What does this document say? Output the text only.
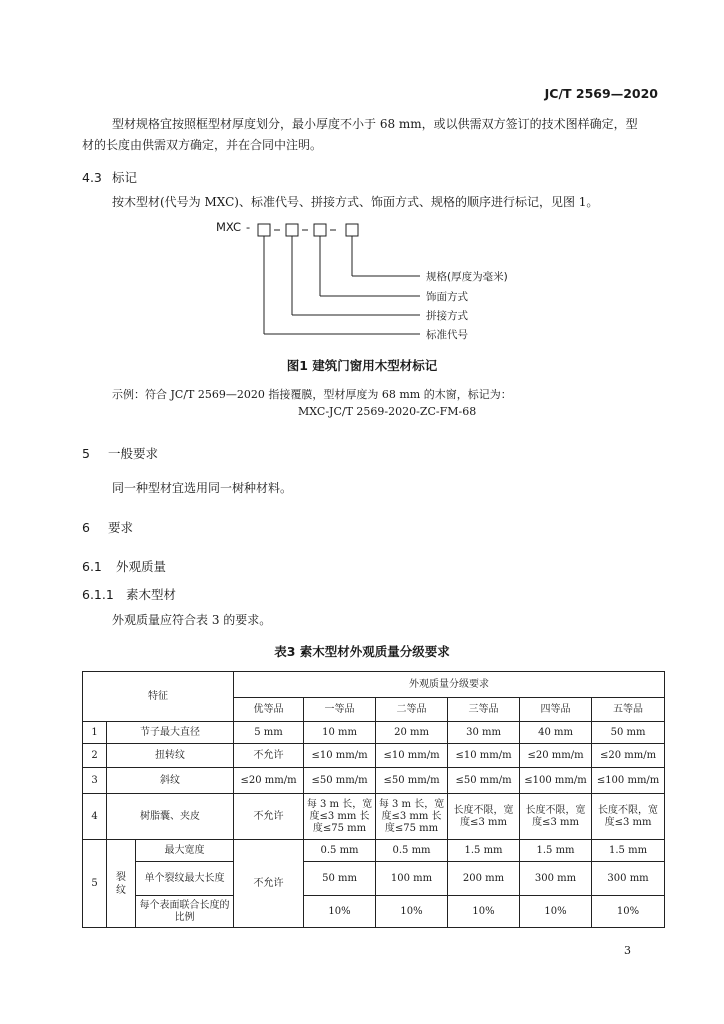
JC/T 2569—2020
型材规格宜按照框型材厚度划分，最小厚度不小于 68 mm，或以供需双方签订的技术图样确定，型
材的长度由供需双方确定，并在合同中注明。
4.3 标记
按木型材(代号为 MXC)、标准代号、拼接方式、饰面方式、规格的顺序进行标记，见图 1。
MXC -
规格(厚度为毫米)
饰面方式
拼接方式
标准代号
图1 建筑门窗用木型材标记
示例：符合 JC/T 2569—2020 指接覆膜，型材厚度为 68 mm 的木窗，标记为：
MXC-JC/T 2569-2020-ZC-FM-68
5 一般要求
同一种型材宜选用同一树种材料。
6 要求
6.1 外观质量
6.1.1 素木型材
外观质量应符合表 3 的要求。
表3 素木型材外观质量分级要求
特征			外观质量分级要求					
			优等品	一等品	二等品	三等品	四等品	五等品
1	节子最大直径		5 mm	10 mm	20 mm	30 mm	40 mm	50 mm
2	扭转纹		不允许	≤10 mm/m	≤10 mm/m	≤10 mm/m	≤20 mm/m	≤20 mm/m
3	斜纹		≤20 mm/m	≤50 mm/m	≤50 mm/m	≤50 mm/m	≤100 mm/m	≤100 mm/m
4	树脂囊、夹皮		不允许	每 3 m 长，宽度≤3 mm 长度≤75 mm	每 3 m 长，宽度≤3 mm 长度≤75 mm	长度不限，宽度≤3 mm	长度不限，宽度≤3 mm	长度不限，宽度≤3 mm
5	裂纹	最大宽度	不允许	0.5 mm	0.5 mm	1.5 mm	1.5 mm	1.5 mm
		单个裂纹最大长度		50 mm	100 mm	200 mm	300 mm	300 mm
		每个表面联合长度的比例		10%	10%	10%	10%	10%
3
